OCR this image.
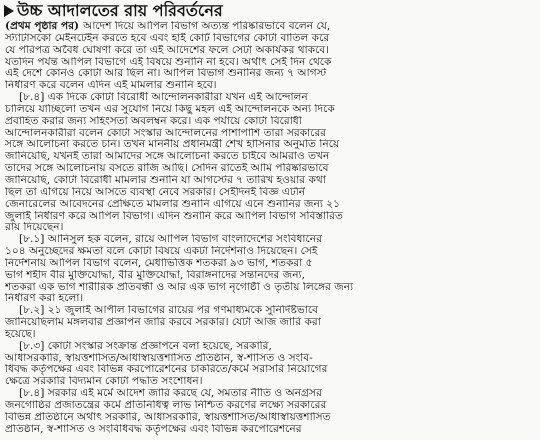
উচ্চ আদালতের রায় পরিবর্তনের
(প্রথম পৃষ্ঠার পর) আদেশ দিয়ে আপিল বিভাগ অত্যন্ত পরিষ্কারভাবে বলেন যে,
স্ট্যাটাসকো মেইনটেইন করতে হবে এবং হাই কোর্ট বিভাগের কোটা বাতিল করে
যে পরিপত্র অবৈধ ঘোষণা করে তা এই আদেশের ফলে সেটা অকার্যকর থাকবে।
যতদিন পর্যন্ত আপিল বিভাগে এই বিষয়ে শুনানি না হবে। অর্থাৎ সেই দিন থেকে
এই দেশে কোনও কোটা আর ছিল না। আপিল বিভাগ শুনানির জন্য ৭ আগস্ট
নির্ধারণ করে বলেন এদিন এই মামলার শুনানি হবে।
[৮.৪] এক দিকে কোটা বিরোধী আন্দোলনকারীরা যখন এই আন্দোলন
চালিয়ে যাচ্ছিলো তখন এর সুযোগ নিয়ে কিছু মহল এই আন্দোলনকে অন্য দিকে
প্রবাহিত করার জন্য সহিংসতা অবলম্বন করে। এক পর্যায়ে কোটা বিরোধী
আন্দোলনকারীরা বলেন কোটা সংস্কার আন্দোলনের পাশাপাশি তারা সরকারের
সঙ্গে আলোচনা করতে চান। তখন মাননীয় প্রধানমন্ত্রী শেখ হাসিনার অনুমতি নিয়ে
জানিয়েছি, যখনই তারা আমাদের সঙ্গে আলোচনা করতে চাইবে আমরাও তখন
তাদের সঙ্গে আলোচনায় বসতে রাজি আছি। সেদিন রাতেই আমি পরিষ্কারভাবে
জানিয়েছি, কোটা বিরোধী মামলার শুনানি যা আগস্টের ৭ তারিখ হওয়ার কথা
ছিল তা এগিয়ে নিয়ে আসতে ব্যবস্থা নেবে সরকার। সেইদিনই বিজ্ঞ এটর্নি
জেনারেলের আবেদনের প্রেক্ষিতে মামলার শুনানি এগিয়ে এনে শুনানির জন্য ২১
জুলাই নির্ধারণ করে আপিল বিভাগ। এদিন শুনানি করে আপিল বিভাগ সবিস্তারিত
রায় দিয়েছেন।
[৮.১] আনিসুল হক বলেন, রায়ে আপিল বিভাগ বাংলাদেশের সংবিধানের
১০৪ অনুচ্ছেদের ক্ষমতা বলে কোটা বিষয়ে একটা নির্দেশনাও দিয়েছেন। সেই
নির্দেশনায় আপিল বিভাগ বলেন, মেধাভিত্তিক শতকরা ৯৩ ভাগ, শতকরা ৫
ভাগ শহীদ বীর মুক্তিযোদ্ধা, বীর মুক্তিযোদ্ধা, বিরাঙ্গনাদের সন্তানদের জন্য,
শতকরা এক ভাগ শারীরিক প্রতিবন্ধী ও আর এক ভাগ নৃগোষ্ঠী ও তৃতীয় লিঙ্গের জন্য
নির্ধারণ করা হলো।
[৮.২] ২১ জুলাই আপীল বিভাগের রায়ের পর গণমাধ্যমকে সুনির্দিষ্টভাবে
জানিয়েছিলাম মঙ্গলবার প্রজ্ঞাপন জারি করবে সরকার। যেটা আজ জারি করা
হয়েছে।
[৮.৩] কোটা সংস্কার সংক্রান্ত প্রজ্ঞাপনে বলা হয়েছে, সরকারি,
আধাসরকারি, স্বায়ত্তশাসিত/আধাস্বায়ত্তশাসিত প্রতিষ্ঠান, স্ব-শাসিত ও সংবি-
ধিবদ্ধ কর্তৃপক্ষের এবং বিভিন্ন করপোরেশনের চাকরিতে/কর্মে সরাসরি নিয়োগের
ক্ষেত্রে সরকারি বিদ্যমান কোটা পদ্ধতি সংশোধন।
[৮.৪] সরকার এই মর্মে আদেশ জারি করছে যে, সমতার নীতি ও অনগ্রসর
জনগোষ্ঠির প্রজাতন্ত্রের কর্মে প্রতিনিধিত্ব লাভ নিশ্চিত করণের লক্ষ্যে সরকারের
বিভিন্ন প্রতিষ্ঠানে অর্থাৎ সরকারি, আধাসরকারি, স্বায়ত্তশাসিত/আধাস্বায়ত্তশাসিত
প্রতিষ্ঠান, স্ব-শাসিত ও সংবিধিবদ্ধ কর্তৃপক্ষের এবং বিভিন্ন করপোরেশনের
